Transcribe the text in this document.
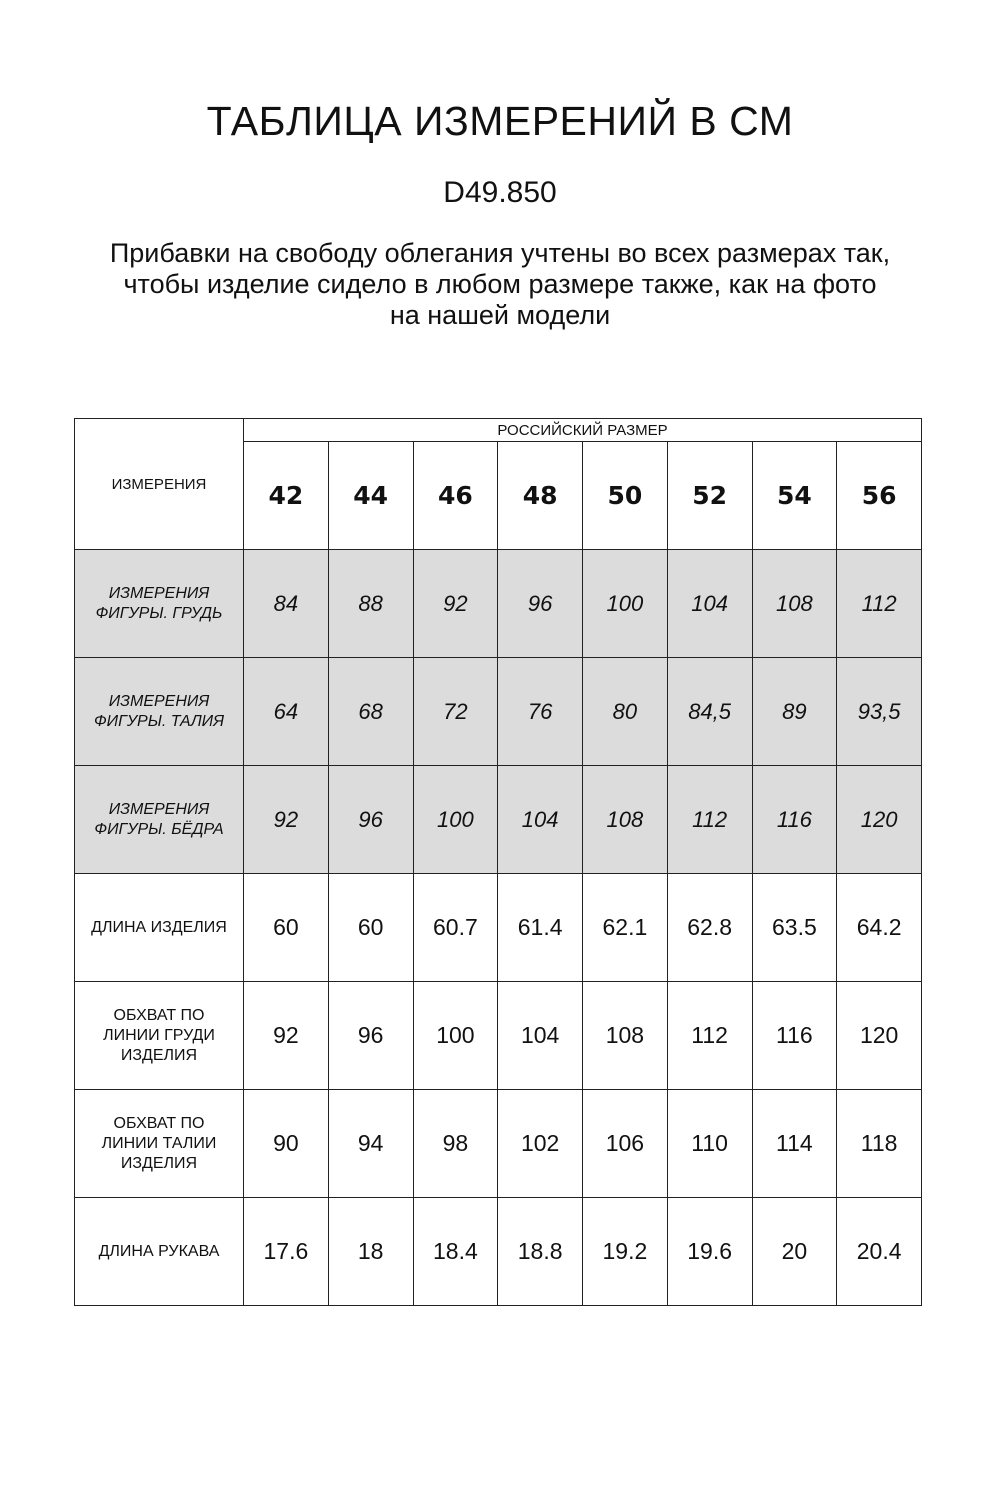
ТАБЛИЦА ИЗМЕРЕНИЙ В СМ
D49.850
Прибавки на свободу облегания учтены во всех размерах так,
чтобы изделие сидело в любом размере также, как на фото
на нашей модели
ИЗМЕРЕНИЯ	РОССИЙСКИЙ РАЗМЕР							
	42	44	46	48	50	52	54	56
ИЗМЕРЕНИЯ ФИГУРЫ. ГРУДЬ	84	88	92	96	100	104	108	112
ИЗМЕРЕНИЯ ФИГУРЫ. ТАЛИЯ	64	68	72	76	80	84,5	89	93,5
ИЗМЕРЕНИЯ ФИГУРЫ. БЁДРА	92	96	100	104	108	112	116	120
ДЛИНА ИЗДЕЛИЯ	60	60	60.7	61.4	62.1	62.8	63.5	64.2
ОБХВАТ ПО ЛИНИИ ГРУДИ ИЗДЕЛИЯ	92	96	100	104	108	112	116	120
ОБХВАТ ПО ЛИНИИ ТАЛИИ ИЗДЕЛИЯ	90	94	98	102	106	110	114	118
ДЛИНА РУКАВА	17.6	18	18.4	18.8	19.2	19.6	20	20.4
